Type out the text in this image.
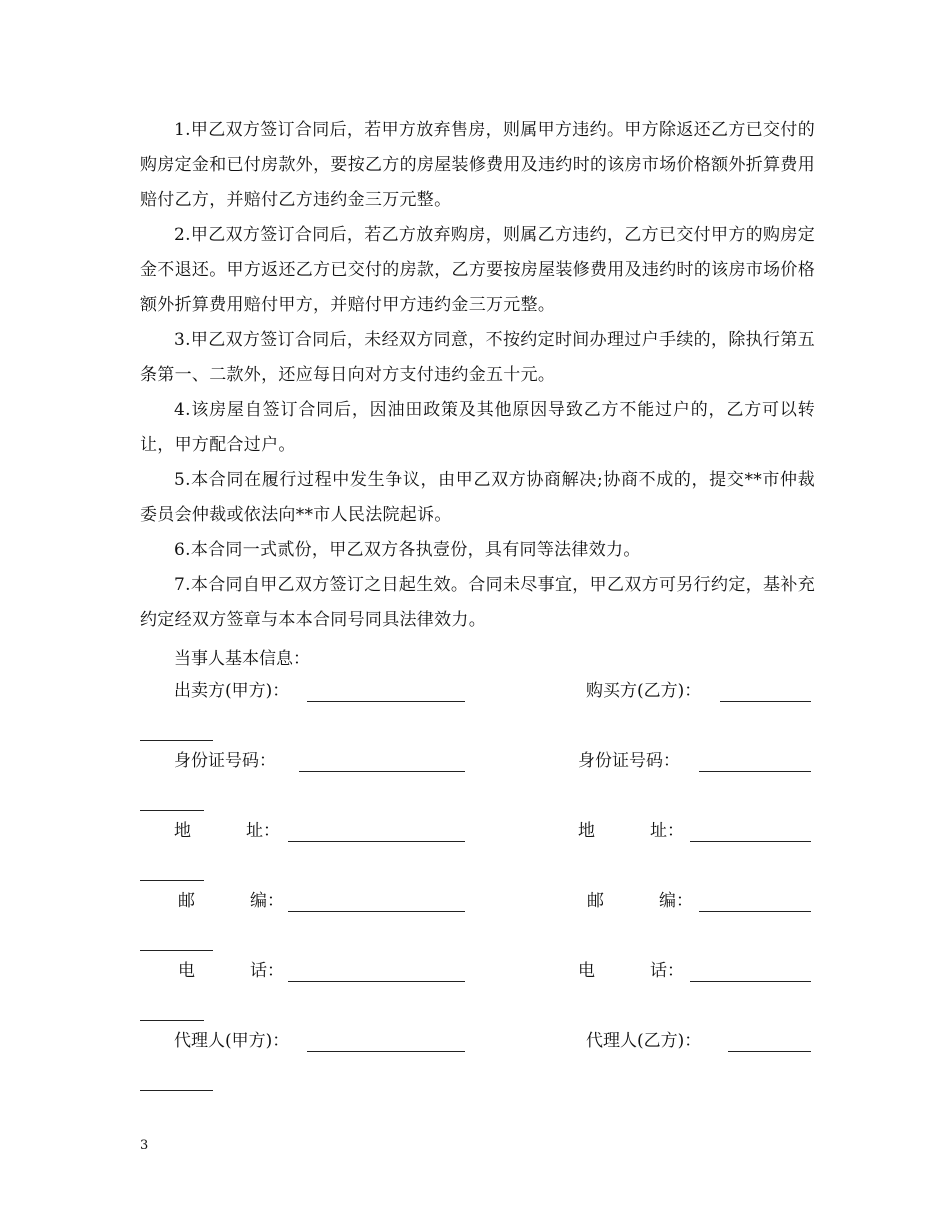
1.甲乙双方签订合同后，若甲方放弃售房，则属甲方违约。甲方除返还乙方已交付的购房定金和已付房款外，要按乙方的房屋装修费用及违约时的该房市场价格额外折算费用赔付乙方，并赔付乙方违约金三万元整。

2.甲乙双方签订合同后，若乙方放弃购房，则属乙方违约，乙方已交付甲方的购房定金不退还。甲方返还乙方已交付的房款，乙方要按房屋装修费用及违约时的该房市场价格额外折算费用赔付甲方，并赔付甲方违约金三万元整。

3.甲乙双方签订合同后，未经双方同意，不按约定时间办理过户手续的，除执行第五条第一、二款外，还应每日向对方支付违约金五十元。

4.该房屋自签订合同后，因油田政策及其他原因导致乙方不能过户的，乙方可以转让，甲方配合过户。

5.本合同在履行过程中发生争议，由甲乙双方协商解决;协商不成的，提交**市仲裁委员会仲裁或依法向**市人民法院起诉。

6.本合同一式贰份，甲乙双方各执壹份，具有同等法律效力。

7.本合同自甲乙双方签订之日起生效。合同未尽事宜，甲乙双方可另行约定，基补充约定经双方签章与本本合同号同具法律效力。

当事人基本信息：

出卖方(甲方)：	购买方(乙方)：
身份证号码：	身份证号码：
地	址：	地	址：
邮	编：	邮	编：
电	话：	电	话：
代理人(甲方)：	代理人(乙方)：
3
